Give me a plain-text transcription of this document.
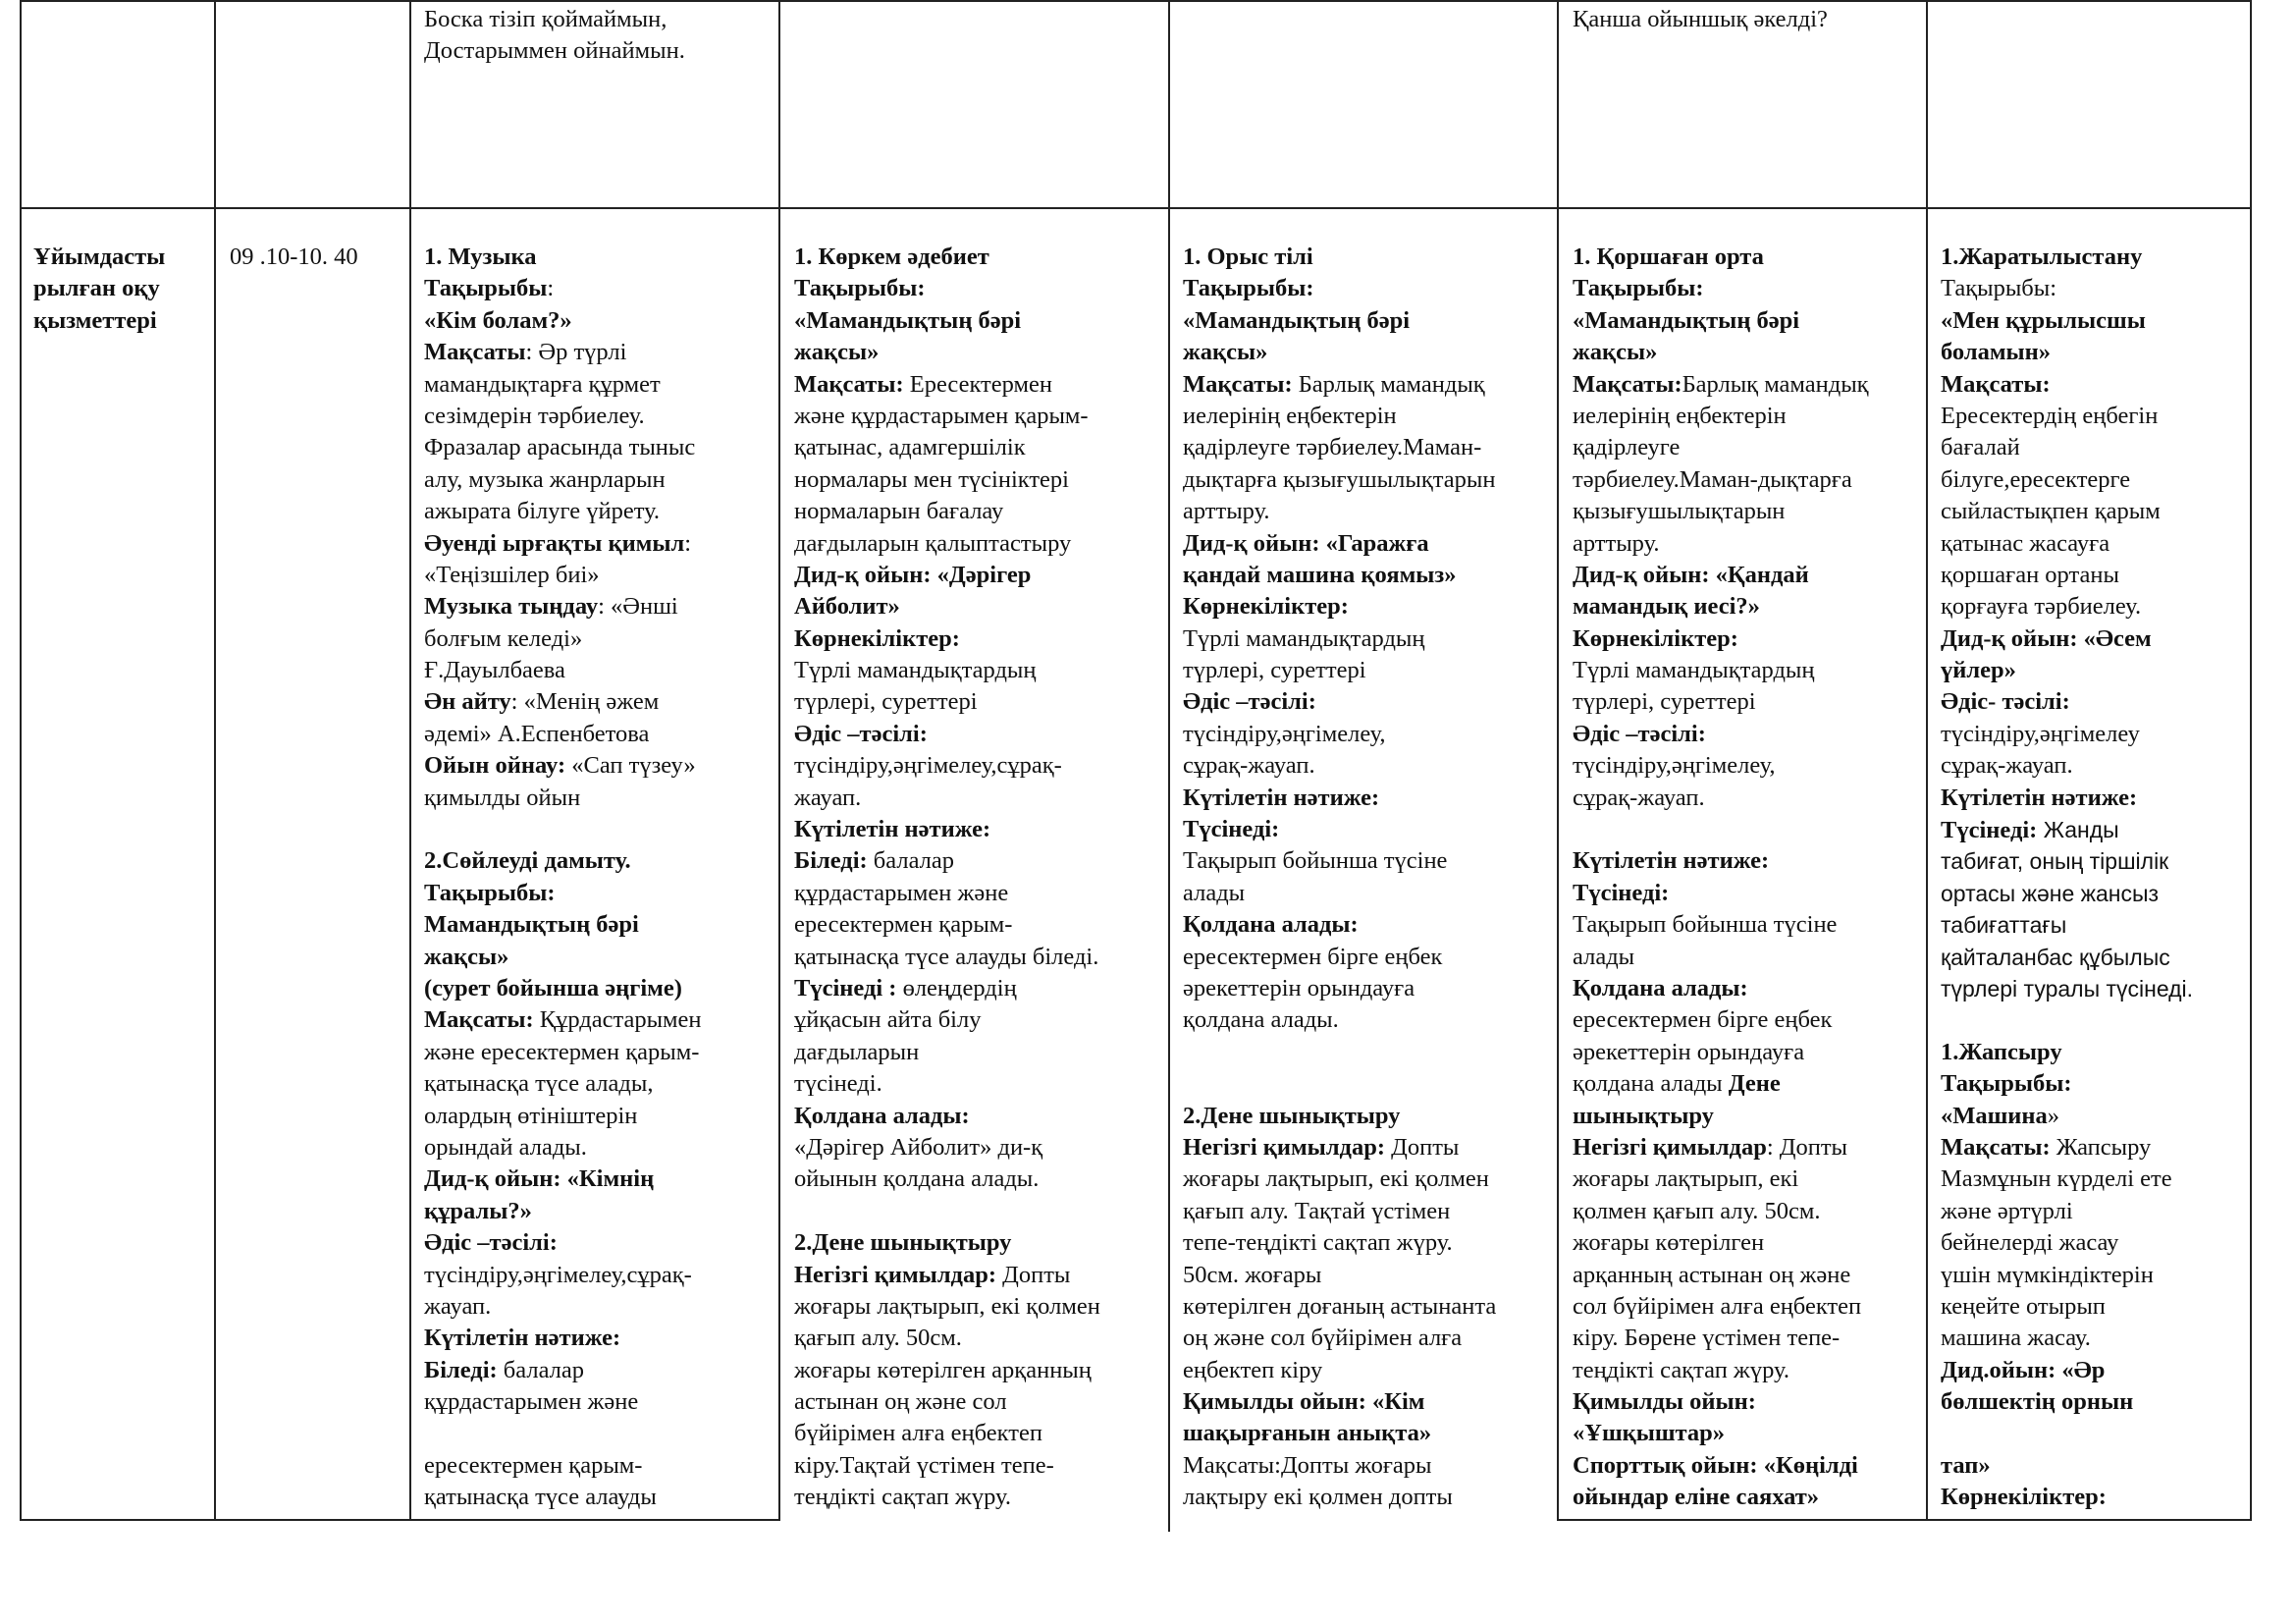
Боска тізіп қоймаймын,
Достарыммен ойнаймын.
Қанша ойыншық әкелді?
Ұйымдасты
рылған оқу
қызметтері
09 .10-10. 40	1. Музыка
Тақырыбы:
«Кім болам?»
Мақсаты: Әр түрлі
мамандықтарға құрмет
сезімдерін тәрбиелеу.
Фразалар арасында тыныс
алу, музыка жанрларын
ажырата білуге үйрету.
Әуенді ырғақты қимыл:
«Теңізшілер биі»
Музыка тыңдау: «Әнші
болғым келеді»
Ғ.Дауылбаева
Ән айту: «Менің әжем
әдемі» А.Еспенбетова
Ойын ойнау: «Сап түзеу»
қимылды ойын
2.Сөйлеуді дамыту.
Тақырыбы:
Мамандықтың бәрі
жақсы»
(сурет бойынша әңгіме)
Мақсаты: Құрдастарымен
және ересектермен қарым-
қатынасқа түсе алады,
олардың өтініштерін
орындай алады.
Дид-қ ойын: «Кімнің
құралы?»
Әдіс –тәсілі:
түсіндіру,әңгімелеу,сұрақ-
жауап.
Күтілетін нәтиже:
Біледі: балалар
құрдастарымен және
ересектермен қарым-
қатынасқа түсе алауды
1. Көркем әдебиет
Тақырыбы:
«Мамандықтың бәрі
жақсы»
Мақсаты: Ересектермен
және құрдастарымен қарым-
қатынас, адамгершілік
нормалары мен түсініктері
нормаларын бағалау
дағдыларын қалыптастыру
Дид-қ ойын: «Дәрігер
Айболит»
Көрнекіліктер:
Түрлі мамандықтардың
түрлері, суреттері
Әдіс –тәсілі:
түсіндіру,әңгімелеу,сұрақ-
жауап.
Күтілетін нәтиже:
Біледі: балалар
құрдастарымен және
ересектермен қарым-
қатынасқа түсе алауды біледі.
Түсінеді : өлеңдердің
ұйқасын айта білу
дағдыларын
түсінеді.
Қолдана алады:
«Дәрігер Айболит» ди-қ
ойынын қолдана алады.
2.Дене шынықтыру
Негізгі қимылдар: Допты
жоғары лақтырып, екі қолмен
қағып алу. 50см.
жоғары көтерілген арқанның
астынан оң және сол
бүйірімен алға еңбектеп
кіру.Тақтай үстімен тепе-
теңдікті сақтап жүру.
1. Орыс тілі
Тақырыбы:
«Мамандықтың бәрі
жақсы»
Мақсаты: Барлық мамандық
иелерінің еңбектерін
қадірлеуге тәрбиелеу.Маман-
дықтарға қызығушылықтарын
арттыру.
Дид-қ ойын: «Гаражға
қандай машина қоямыз»
Көрнекіліктер:
Түрлі мамандықтардың
түрлері, суреттері
Әдіс –тәсілі:
түсіндіру,әңгімелеу,
сұрақ-жауап.
Күтілетін нәтиже:
Түсінеді:
Тақырып бойынша түсіне
алады
Қолдана алады:
ересектермен бірге еңбек
әрекеттерін орындауға
қолдана алады.
2.Дене шынықтыру
Негізгі қимылдар: Допты
жоғары лақтырып, екі қолмен
қағып алу. Тақтай үстімен
тепе-теңдікті сақтап жүру.
50см. жоғары
көтерілген доғаның астынанта
оң және сол бүйірімен алға
еңбектеп кіру
Қимылды ойын: «Кім
шақырғанын анықта»
Мақсаты:Допты жоғары
лақтыру екі қолмен допты
1. Қоршаған орта
Тақырыбы:
«Мамандықтың бәрі
жақсы»
Мақсаты:Барлық мамандық
иелерінің еңбектерін
қадірлеуге
тәрбиелеу.Маман-дықтарға
қызығушылықтарын
арттыру.
Дид-қ ойын: «Қандай
мамандық иесі?»
Көрнекіліктер:
Түрлі мамандықтардың
түрлері, суреттері
Әдіс –тәсілі:
түсіндіру,әңгімелеу,
сұрақ-жауап.
Күтілетін нәтиже:
Түсінеді:
Тақырып бойынша түсіне
алады
Қолдана алады:
ересектермен бірге еңбек
әрекеттерін орындауға
қолдана алады Дене
шынықтыру
Негізгі қимылдар: Допты
жоғары лақтырып, екі
қолмен қағып алу. 50см.
жоғары көтерілген
арқанның астынан оң және
сол бүйірімен алға еңбектеп
кіру. Бөрене үстімен тепе-
теңдікті сақтап жүру.
Қимылды ойын:
«Ұшқыштар»
Спорттық ойын: «Көңілді
ойындар еліне саяхат»
1.Жаратылыстану
Тақырыбы:
«Мен құрылысшы
боламын»
Мақсаты:
Ересектердің еңбегін
бағалай
білуге,ересектерге
сыйластықпен қарым
қатынас жасауға
қоршаған ортаны
қорғауға тәрбиелеу.
Дид-қ ойын: «Әсем
үйлер»
Әдіс- тәсілі:
түсіндіру,әңгімелеу
сұрақ-жауап.
Күтілетін нәтиже:
Түсінеді: Жанды
табиғат, оның тіршілік
ортасы және жансыз
табиғаттағы
қайталанбас құбылыс
түрлері туралы түсінеді.
1.Жапсыру
Тақырыбы:
«Машина»
Мақсаты: Жапсыру
Мазмұнын күрделі ете
және әртүрлі
бейнелерді жасау
үшін мүмкіндіктерін
кеңейте отырып
машина жасау.
Дид.ойын: «Әр
бөлшектің орнын
тап»
Көрнекіліктер:
